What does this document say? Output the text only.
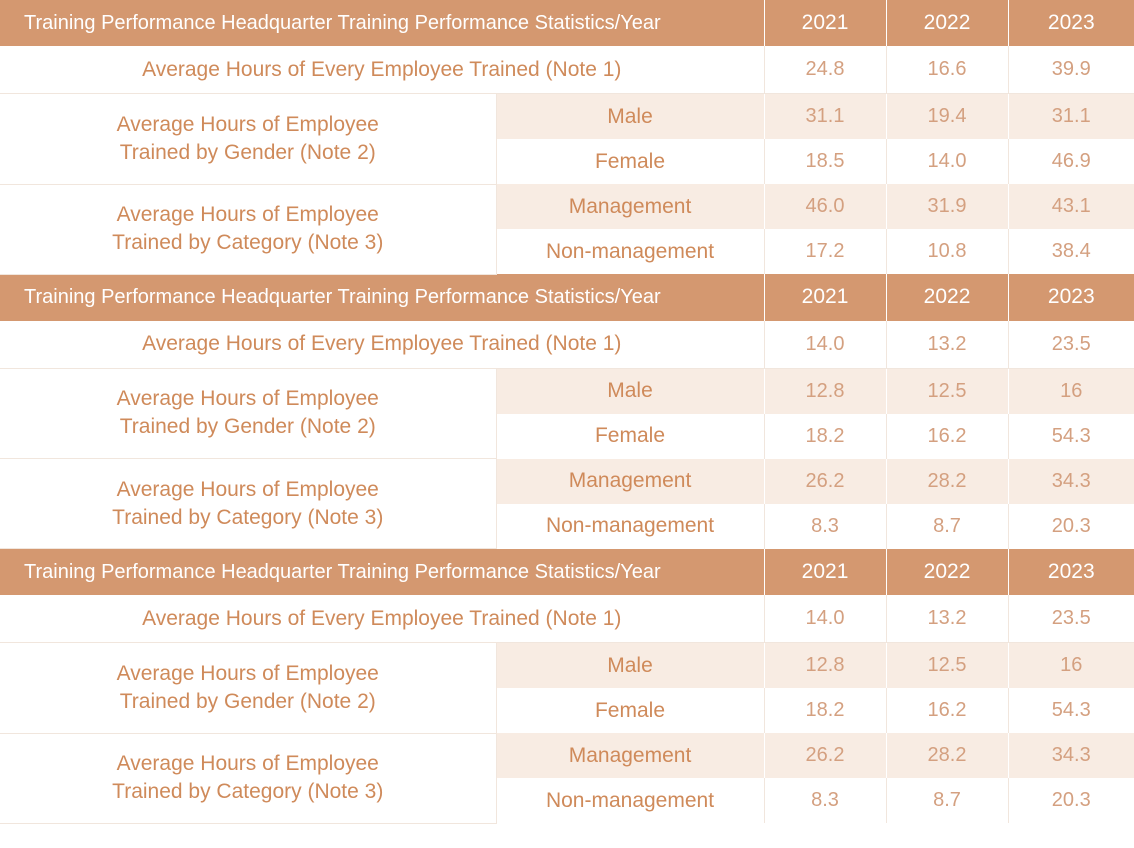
Training Performance Headquarter Training Performance Statistics/Year		2021	2022	2023
Average Hours of Every Employee Trained (Note 1)		24.8	16.6	39.9

Average Hours of Employee
Trained by Gender (Note 2)	Male	31.1	19.4	31.1
	Female	18.5	14.0	46.9

Average Hours of Employee
Trained by Category (Note 3)	Management	46.0	31.9	43.1
	Non-management	17.2	10.8	38.4
Training Performance Headquarter Training Performance Statistics/Year		2021	2022	2023
Average Hours of Every Employee Trained (Note 1)		14.0	13.2	23.5

Average Hours of Employee
Trained by Gender (Note 2)	Male	12.8	12.5	16
	Female	18.2	16.2	54.3

Average Hours of Employee
Trained by Category (Note 3)	Management	26.2	28.2	34.3
	Non-management	8.3	8.7	20.3
Training Performance Headquarter Training Performance Statistics/Year		2021	2022	2023
Average Hours of Every Employee Trained (Note 1)		14.0	13.2	23.5

Average Hours of Employee
Trained by Gender (Note 2)	Male	12.8	12.5	16
	Female	18.2	16.2	54.3

Average Hours of Employee
Trained by Category (Note 3)	Management	26.2	28.2	34.3
	Non-management	8.3	8.7	20.3
